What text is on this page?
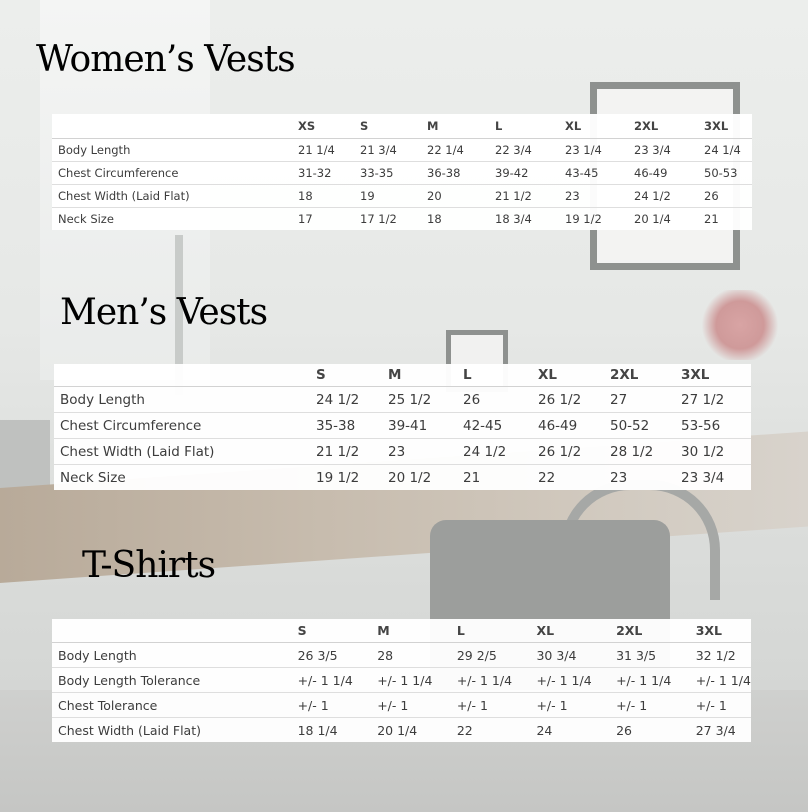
Women’s Vests
	XS	S	M	L	XL	2XL	3XL
Body Length	21 1/4	21 3/4	22 1/4	22 3/4	23 1/4	23 3/4	24 1/4
Chest Circumference	31-32	33-35	36-38	39-42	43-45	46-49	50-53
Chest Width (Laid Flat)	18	19	20	21 1/2	23	24 1/2	26
Neck Size	17	17 1/2	18	18 3/4	19 1/2	20 1/4	21
Men’s Vests
	S	M	L	XL	2XL	3XL
Body Length	24 1/2	25 1/2	26	26 1/2	27	27 1/2
Chest Circumference	35-38	39-41	42-45	46-49	50-52	53-56
Chest Width (Laid Flat)	21 1/2	23	24 1/2	26 1/2	28 1/2	30 1/2
Neck Size	19 1/2	20 1/2	21	22	23	23 3/4
T-Shirts
	S	M	L	XL	2XL	3XL
Body Length	26 3/5	28	29 2/5	30 3/4	31 3/5	32 1/2
Body Length Tolerance	+/- 1 1/4	+/- 1 1/4	+/- 1 1/4	+/- 1 1/4	+/- 1 1/4	+/- 1 1/4
Chest Tolerance	+/- 1	+/- 1	+/- 1	+/- 1	+/- 1	+/- 1
Chest Width (Laid Flat)	18 1/4	20 1/4	22	24	26	27 3/4
